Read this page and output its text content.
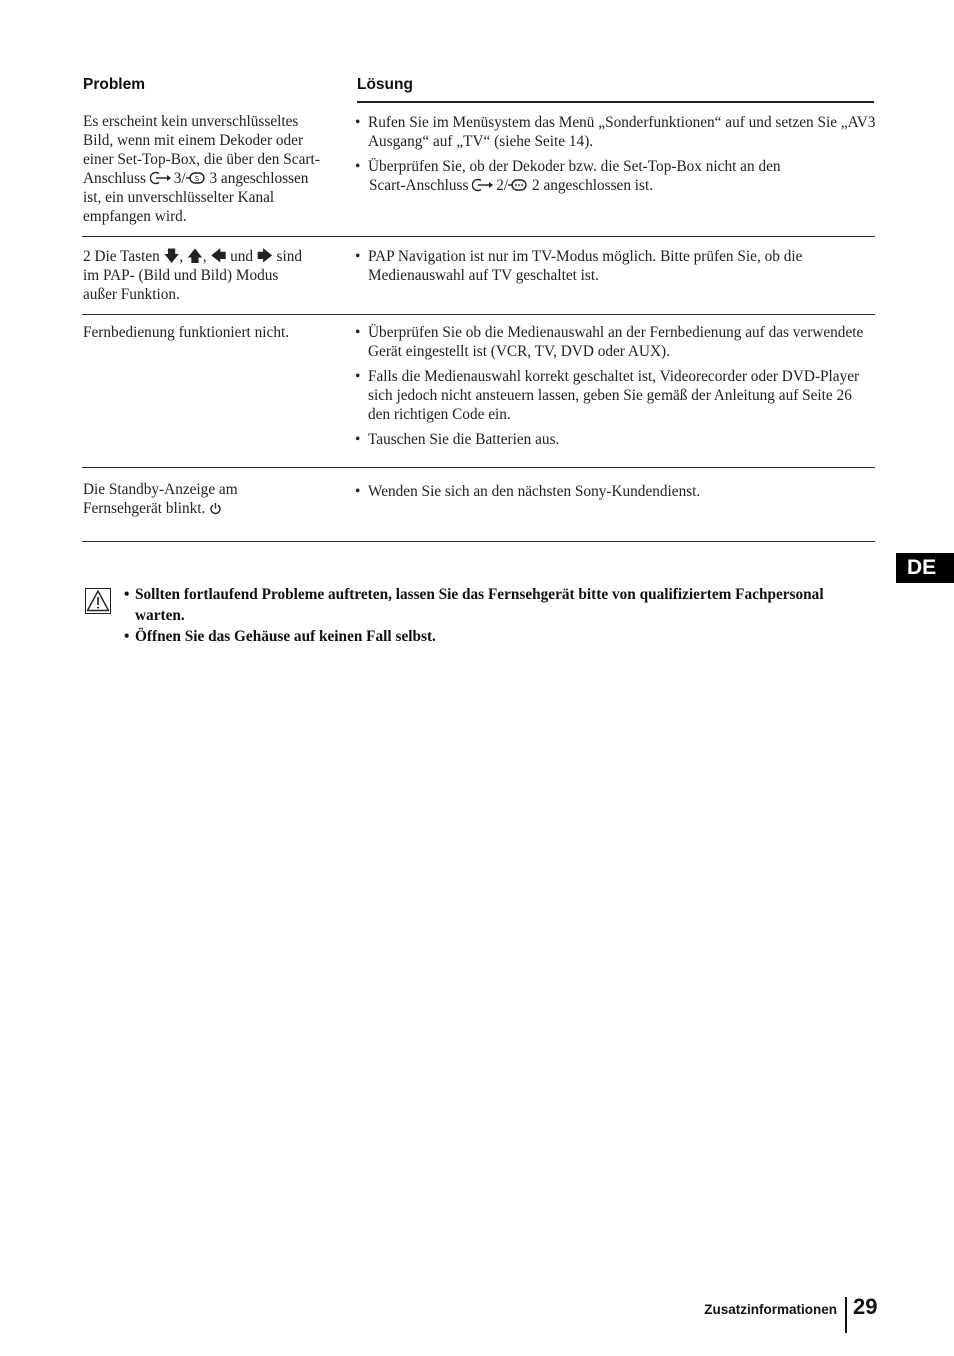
Problem	Lösung
Es erscheint kein unverschlüsseltes
Bild, wenn mit einem Dekoder oder
einer Set-Top-Box, die über den Scart-
Anschluss 3/ S 3 angeschlossen
ist, ein unverschlüsselter Kanal
empfangen wird.
• Rufen Sie im Menüsystem das Menü „Sonderfunktionen“ auf und setzen Sie „AV3 Ausgang“ auf „TV“ (siehe Seite 14).
• Überprüfen Sie, ob der Dekoder bzw. die Set-Top-Box nicht an den
Scart-Anschluss 2/ 2 angeschlossen ist.
2 Die Tasten 🡇, 🡅, 🡄 und 🡆 sind
im PAP- (Bild und Bild) Modus
außer Funktion.
• PAP Navigation ist nur im TV-Modus möglich. Bitte prüfen Sie, ob die Medienauswahl auf TV geschaltet ist.
Fernbedienung funktioniert nicht.	• Überprüfen Sie ob die Medienauswahl an der Fernbedienung auf das verwendete Gerät eingestellt ist (VCR, TV, DVD oder AUX).
• Falls die Medienauswahl korrekt geschaltet ist, Videorecorder oder DVD-Player sich jedoch nicht ansteuern lassen, geben Sie gemäß der Anleitung auf Seite 26 den richtigen Code ein.
• Tauschen Sie die Batterien aus.
Die Standby-Anzeige am
Fernsehgerät blinkt.
• Wenden Sie sich an den nächsten Sony-Kundendienst.
DE
• Sollten fortlaufend Probleme auftreten, lassen Sie das Fernsehgerät bitte von qualifiziertem Fachpersonal warten.
• Öffnen Sie das Gehäuse auf keinen Fall selbst.
Zusatzinformationen 29
